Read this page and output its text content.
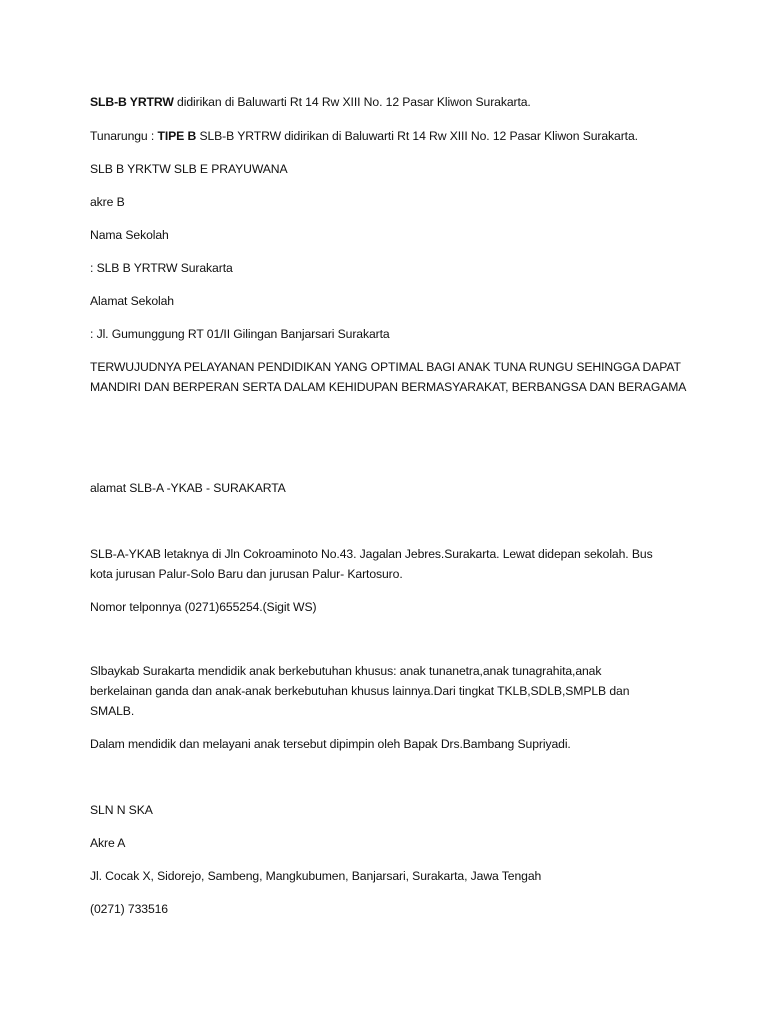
SLB-B YRTRW didirikan di Baluwarti Rt 14 Rw XIII No. 12 Pasar Kliwon Surakarta.
Tunarungu : TIPE B SLB-B YRTRW didirikan di Baluwarti Rt 14 Rw XIII No. 12 Pasar Kliwon Surakarta.
SLB B YRKTW SLB E PRAYUWANA
akre B
Nama Sekolah
: SLB B YRTRW Surakarta
Alamat Sekolah
: Jl. Gumunggung RT 01/II Gilingan Banjarsari Surakarta
TERWUJUDNYA PELAYANAN PENDIDIKAN YANG OPTIMAL BAGI ANAK TUNA RUNGU SEHINGGA DAPAT
MANDIRI DAN BERPERAN SERTA DALAM KEHIDUPAN BERMASYARAKAT, BERBANGSA DAN BERAGAMA
alamat SLB-A -YKAB - SURAKARTA
SLB-A-YKAB letaknya di Jln Cokroaminoto No.43. Jagalan Jebres.Surakarta. Lewat didepan sekolah. Bus
kota jurusan Palur-Solo Baru dan jurusan Palur- Kartosuro.
Nomor telponnya (0271)655254.(Sigit WS)
Slbaykab Surakarta mendidik anak berkebutuhan khusus: anak tunanetra,anak tunagrahita,anak
berkelainan ganda dan anak-anak berkebutuhan khusus lainnya.Dari tingkat TKLB,SDLB,SMPLB dan
SMALB.
Dalam mendidik dan melayani anak tersebut dipimpin oleh Bapak Drs.Bambang Supriyadi.
SLN N SKA
Akre A
Jl. Cocak X, Sidorejo, Sambeng, Mangkubumen, Banjarsari, Surakarta, Jawa Tengah
(0271) 733516
